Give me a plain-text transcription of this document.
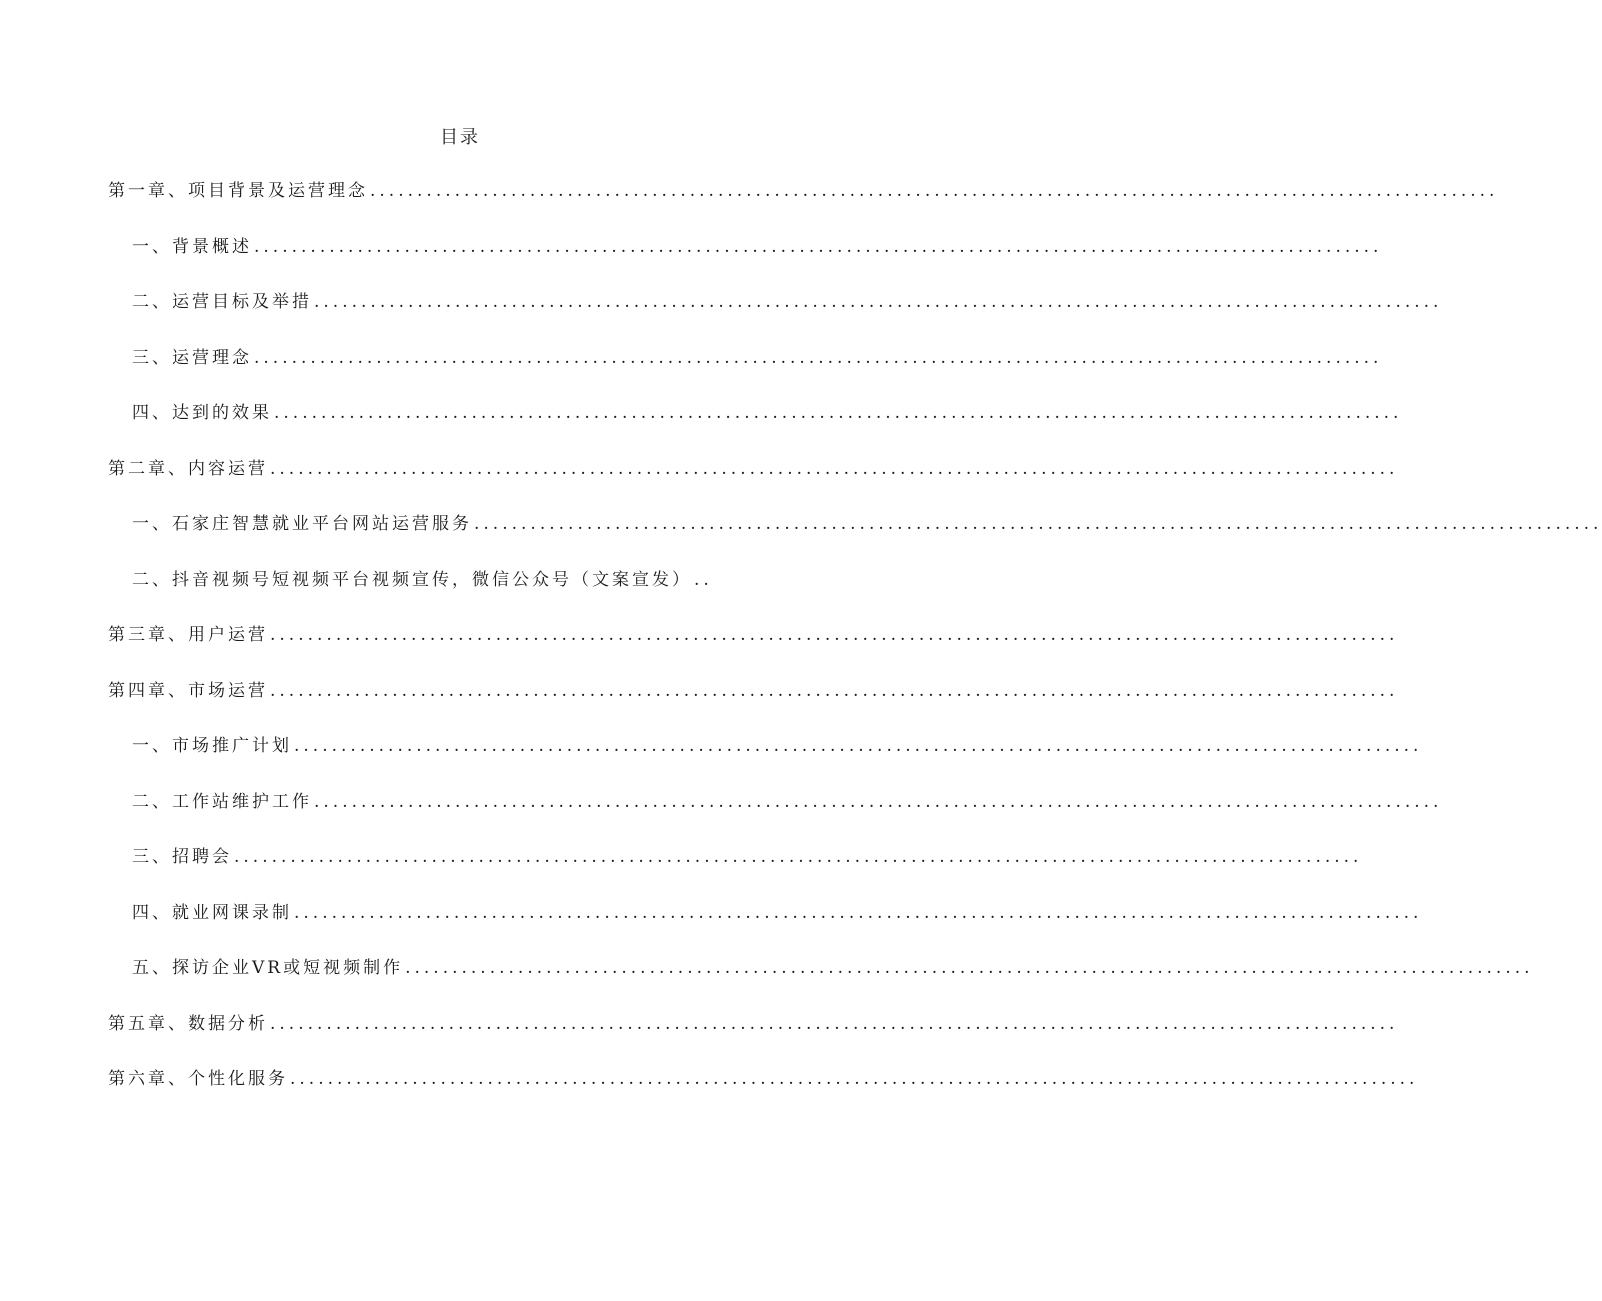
目录
第一章、项目背景及运营理念 ........................................................................................................................
一、背景概述 ........................................................................................................................
二、运营目标及举措 ........................................................................................................................
三、运营理念 ........................................................................................................................
四、达到的效果 ........................................................................................................................
第二章、内容运营 ........................................................................................................................
一、石家庄智慧就业平台网站运营服务 ........................................................................................................................
二、抖音视频号短视频平台视频宣传，微信公众号（文案宣发） ..
第三章、用户运营 ........................................................................................................................
第四章、市场运营 ........................................................................................................................
一、市场推广计划 ........................................................................................................................
二、工作站维护工作 ........................................................................................................................
三、招聘会 ........................................................................................................................
四、就业网课录制 ........................................................................................................................
五、探访企业VR或短视频制作 ........................................................................................................................
第五章、数据分析 ........................................................................................................................
第六章、个性化服务 ........................................................................................................................
